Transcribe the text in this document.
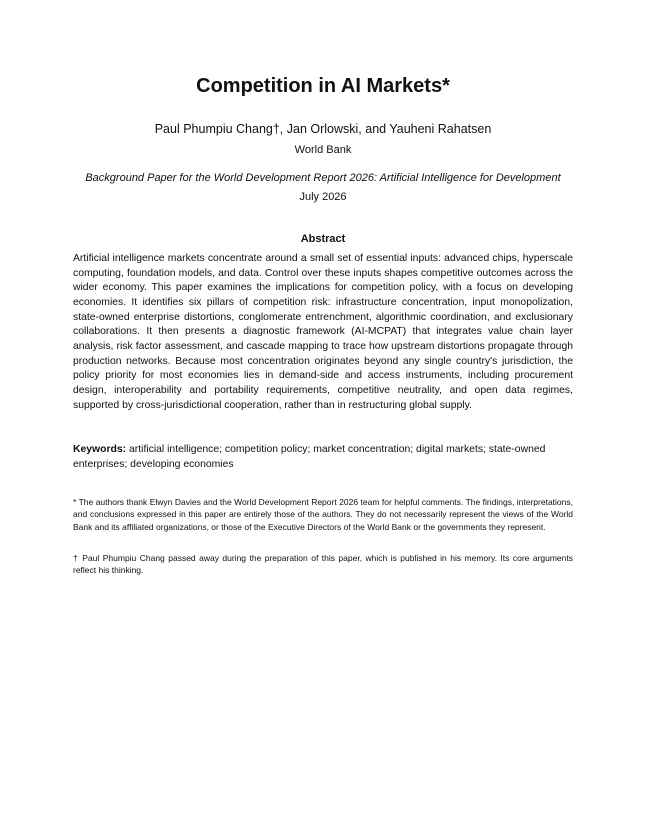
Competition in AI Markets*
Paul Phumpiu Chang†, Jan Orlowski, and Yauheni Rahatsen
World Bank
Background Paper for the World Development Report 2026: Artificial Intelligence for Development
July 2026
Abstract

Artificial intelligence markets concentrate around a small set of essential inputs: advanced chips, hyperscale computing, foundation models, and data. Control over these inputs shapes competitive outcomes across the wider economy. This paper examines the implications for competition policy, with a focus on developing economies. It identifies six pillars of competition risk: infrastructure concentration, input monopolization, state-owned enterprise distortions, conglomerate entrenchment, algorithmic coordination, and exclusionary collaborations. It then presents a diagnostic framework (AI-MCPAT) that integrates value chain layer analysis, risk factor assessment, and cascade mapping to trace how upstream distortions propagate through production networks. Because most concentration originates beyond any single country's jurisdiction, the policy priority for most economies lies in demand-side and access instruments, including procurement design, interoperability and portability requirements, competitive neutrality, and open data regimes, supported by cross-jurisdictional cooperation, rather than in restructuring global supply.

Keywords: artificial intelligence; competition policy; market concentration; digital markets; state-owned enterprises; developing economies

* The authors thank Elwyn Davies and the World Development Report 2026 team for helpful comments. The findings, interpretations, and conclusions expressed in this paper are entirely those of the authors. They do not necessarily represent the views of the World Bank and its affiliated organizations, or those of the Executive Directors of the World Bank or the governments they represent.

† Paul Phumpiu Chang passed away during the preparation of this paper, which is published in his memory. Its core arguments reflect his thinking.
